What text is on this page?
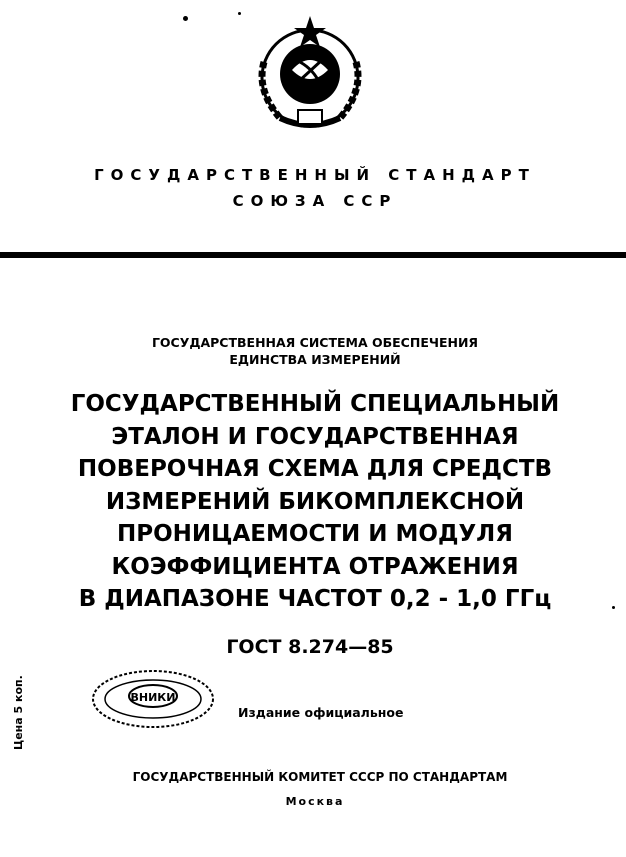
ГОСУДАРСТВЕННЫЙ СТАНДАРТ
СОЮЗА ССР
ГОСУДАРСТВЕННАЯ СИСТЕМА ОБЕСПЕЧЕНИЯ
ЕДИНСТВА ИЗМЕРЕНИЙ
ГОСУДАРСТВЕННЫЙ СПЕЦИАЛЬНЫЙ
ЭТАЛОН И ГОСУДАРСТВЕННАЯ
ПОВЕРОЧНАЯ СХЕМА ДЛЯ СРЕДСТВ
ИЗМЕРЕНИЙ БИКОМПЛЕКСНОЙ
ПРОНИЦАЕМОСТИ И МОДУЛЯ
КОЭФФИЦИЕНТА ОТРАЖЕНИЯ
В ДИАПАЗОНЕ ЧАСТОТ 0,2 - 1,0 ГГц
ГОСТ 8.274—85
ВНИКИ
Издание официальное
Цена 5 коп.
ГОСУДАРСТВЕННЫЙ КОМИТЕТ СССР ПО СТАНДАРТАМ
Москва
